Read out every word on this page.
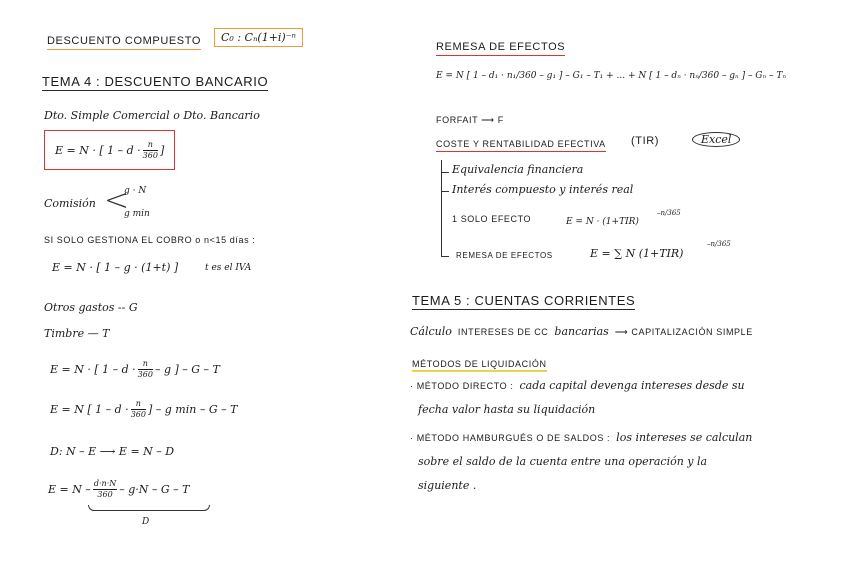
DESCUENTO COMPUESTO	C₀ : Cₙ(1+i)⁻ⁿ
TEMA 4 : DESCUENTO BANCARIO
Dto. Simple Comercial o Dto. Bancario
E = N · [ $1 - d \cdot \frac{n}{360}$ ]
Comisión <
g · N
g min
SI SOLO GESTIONA EL COBRO o n<15 días :
E = N · [ 1 – g · (1+t) ]	t es el IVA
Otros gastos -- G
Timbre — T
E = N · [ $1 - d \cdot \frac{n}{360} - g$ ] – G – T
E = N [ $1 - d \cdot \frac{n}{360}$ ] – g min – G – T
D: N – E ⟶ E = N – D
$E = N - \frac{d\cdot n\cdot N}{360} - g\cdot N - G - T$
D
REMESA DE EFECTOS
E = N [ 1 – d₁ · n₁/360 – g₁ ] – G₁ – T₁ + ... + N [ 1 – dₙ · nₙ/360 – gₙ ] – Gₙ – Tₙ
FORFAIT ⟶ F
COSTE Y RENTABILIDAD EFECTIVA (TIR)	Excel
Equivalencia financiera
Interés compuesto y interés real
1 SOLO EFECTO	E = N · (1+TIR)
–n/365
REMESA DE EFECTOS	E = ∑ N (1+TIR)
–n/365
TEMA 5 : CUENTAS CORRIENTES
Cálculo INTERESES DE CC bancarias ⟶ CAPITALIZACIÓN SIMPLE
MÉTODOS DE LIQUIDACIÓN
· MÉTODO DIRECTO : cada capital devenga intereses desde su
fecha valor hasta su liquidación
· MÉTODO HAMBURGUÉS O DE SALDOS : los intereses se calculan
sobre el saldo de la cuenta entre una operación y la
siguiente .
